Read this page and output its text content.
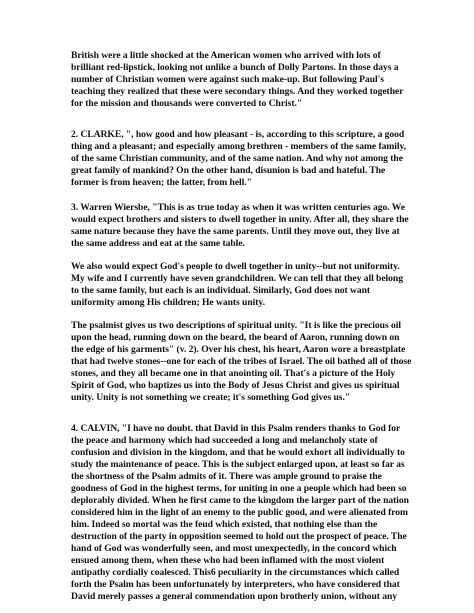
British were a little shocked at the American women who arrived with lots of
brilliant red-lipstick, looking not unlike a bunch of Dolly Partons. In those days a
number of Christian women were against such make-up. But following Paul's
teaching they realized that these were secondary things. And they worked together
for the mission and thousands were converted to Christ."
2. CLARKE, ", how good and how pleasant - is, according to this scripture, a good
thing and a pleasant; and especially among brethren - members of the same family,
of the same Christian community, and of the same nation. And why not among the
great family of mankind? On the other hand, disunion is bad and hateful. The
former is from heaven; the latter, from hell."
3. Warren Wiersbe, "This is as true today as when it was written centuries ago. We
would expect brothers and sisters to dwell together in unity. After all, they share the
same nature because they have the same parents. Until they move out, they live at
the same address and eat at the same table.
We also would expect God's people to dwell together in unity--but not uniformity.
My wife and I currently have seven grandchildren. We can tell that they all belong
to the same family, but each is an individual. Similarly, God does not want
uniformity among His children; He wants unity.
The psalmist gives us two descriptions of spiritual unity. "It is like the precious oil
upon the head, running down on the beard, the beard of Aaron, running down on
the edge of his garments" (v. 2). Over his chest, his heart, Aaron wore a breastplate
that had twelve stones--one for each of the tribes of Israel. The oil bathed all of those
stones, and they all became one in that anointing oil. That's a picture of the Holy
Spirit of God, who baptizes us into the Body of Jesus Christ and gives us spiritual
unity. Unity is not something we create; it's something God gives us."
4. CALVIN, "I have no doubt. that David in this Psalm renders thanks to God for
the peace and harmony which had succeeded a long and melancholy state of
confusion and division in the kingdom, and that he would exhort all individually to
study the maintenance of peace. This is the subject enlarged upon, at least so far as
the shortness of the Psalm admits of it. There was ample ground to praise the
goodness of God in the highest terms, for uniting in one a people which had been so
deplorably divided. When he first came to the kingdom the larger part of the nation
considered him in the light of an enemy to the public good, and were alienated from
him. Indeed so mortal was the feud which existed, that nothing else than the
destruction of the party in opposition seemed to hold out the prospect of peace. The
hand of God was wonderfully seen, and most unexpectedly, in the concord which
ensued among them, when these who had been inflamed with the most violent
antipathy cordially coalesced. This6 peculiarity in the circumstances which called
forth the Psalm has been unfortunately by interpreters, who have considered that
David merely passes a general commendation upon brotherly union, without any
